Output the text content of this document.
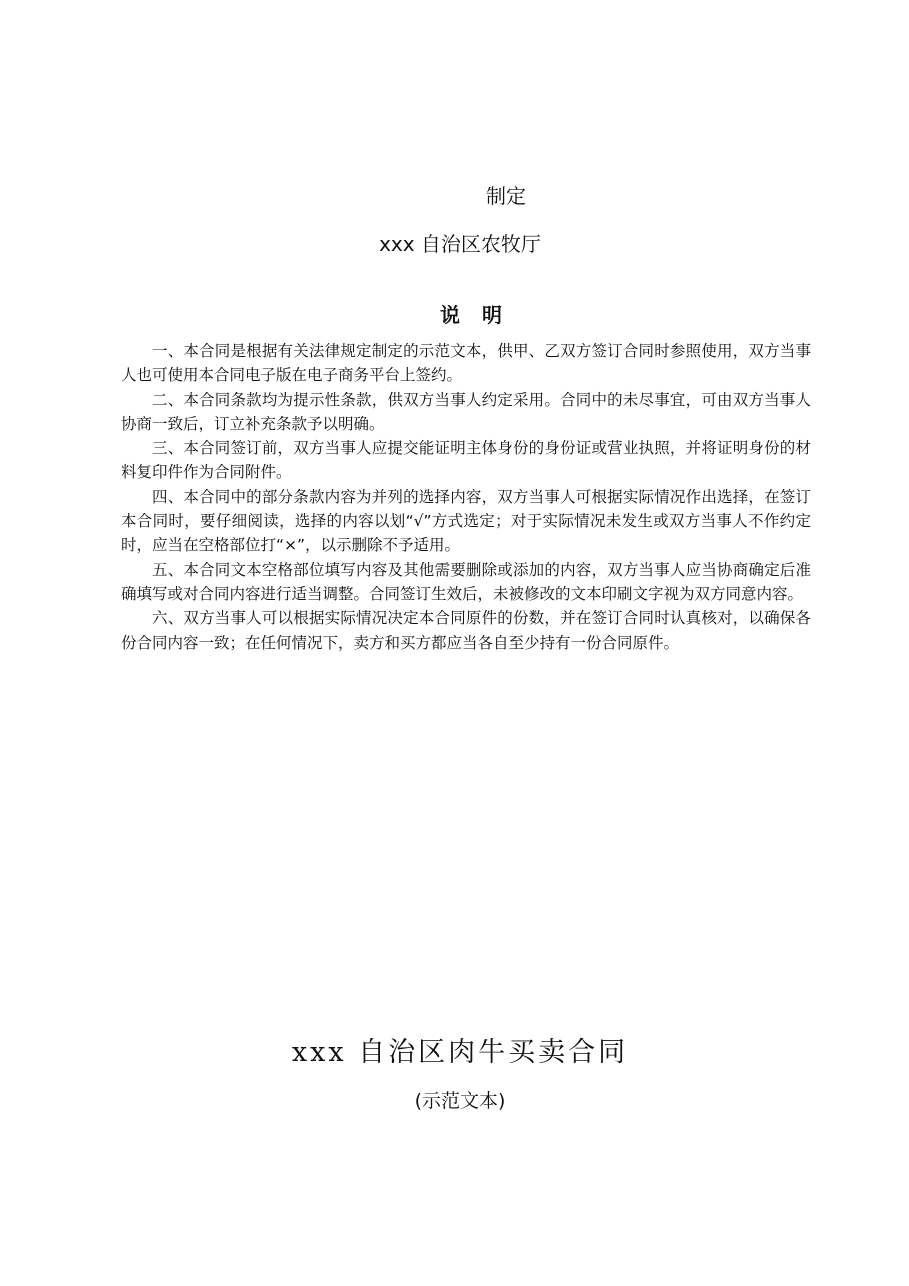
制定
xxx 自治区农牧厅
说明

一、本合同是根据有关法律规定制定的示范文本，供甲、乙双方签订合同时参照使用，双方当事人也可使用本合同电子版在电子商务平台上签约。

二、本合同条款均为提示性条款，供双方当事人约定采用。合同中的未尽事宜，可由双方当事人协商一致后，订立补充条款予以明确。

三、本合同签订前，双方当事人应提交能证明主体身份的身份证或营业执照，并将证明身份的材料复印件作为合同附件。

四、本合同中的部分条款内容为并列的选择内容，双方当事人可根据实际情况作出选择，在签订本合同时，要仔细阅读，选择的内容以划“√”方式选定；对于实际情况未发生或双方当事人不作约定时，应当在空格部位打“×”，以示删除不予适用。

五、本合同文本空格部位填写内容及其他需要删除或添加的内容，双方当事人应当协商确定后准确填写或对合同内容进行适当调整。合同签订生效后，未被修改的文本印刷文字视为双方同意内容。

六、双方当事人可以根据实际情况决定本合同原件的份数，并在签订合同时认真核对，以确保各份合同内容一致；在任何情况下，卖方和买方都应当各自至少持有一份合同原件。

xxx 自治区肉牛买卖合同
(示范文本)
